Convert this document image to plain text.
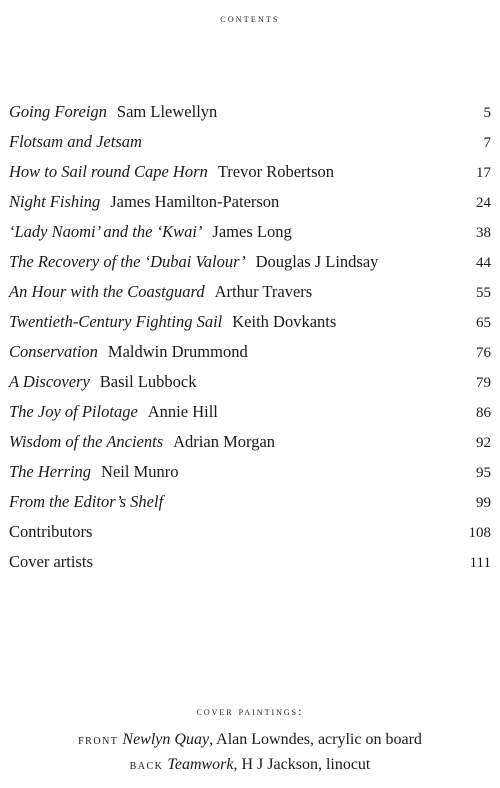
contents
Going Foreign Sam Llewellyn	5
Flotsam and Jetsam	7
How to Sail round Cape Horn Trevor Robertson	17
Night Fishing James Hamilton-Paterson	24
‘Lady Naomi’ and the ‘Kwai’ James Long	38
The Recovery of the ‘Dubai Valour’ Douglas J Lindsay	44
An Hour with the Coastguard Arthur Travers	55
Twentieth-Century Fighting Sail Keith Dovkants	65
Conservation Maldwin Drummond	76
A Discovery Basil Lubbock	79
The Joy of Pilotage Annie Hill	86
Wisdom of the Ancients Adrian Morgan	92
The Herring Neil Munro	95
From the Editor’s Shelf	99
Contributors	108
Cover artists	111
cover paintings:
front Newlyn Quay, Alan Lowndes, acrylic on board
back Teamwork, H J Jackson, linocut
